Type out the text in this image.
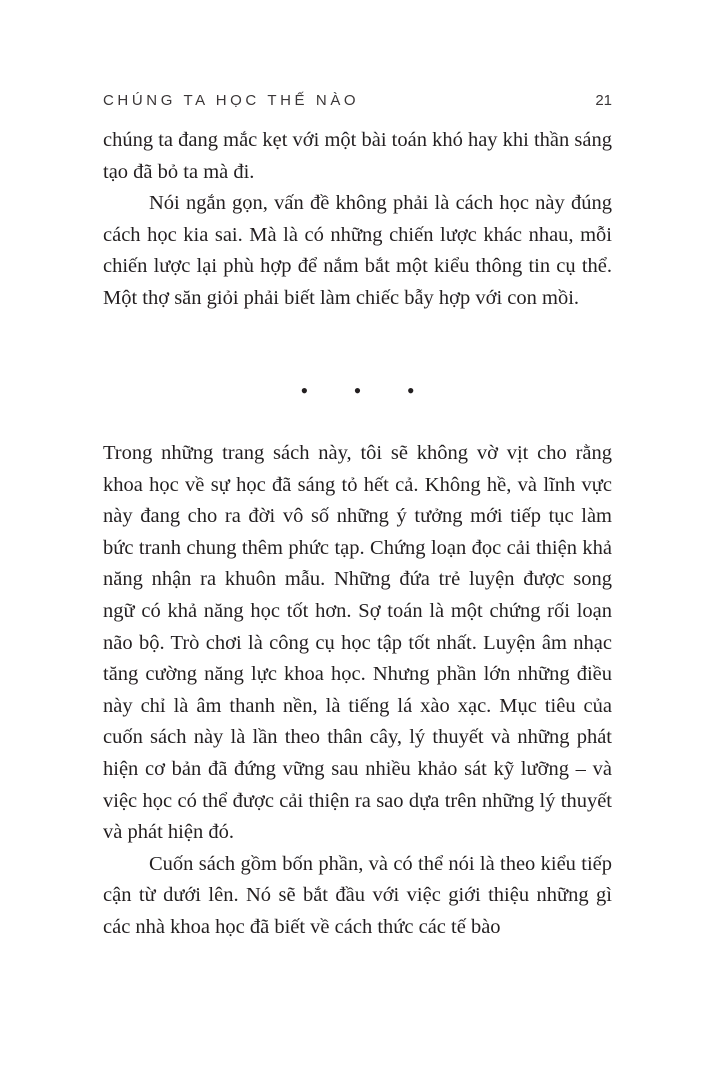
CHÚNG TA HỌC THẾ NÀO	21

chúng ta đang mắc kẹt với một bài toán khó hay khi thần sáng tạo đã bỏ ta mà đi.

Nói ngắn gọn, vấn đề không phải là cách học này đúng cách học kia sai. Mà là có những chiến lược khác nhau, mỗi chiến lược lại phù hợp để nắm bắt một kiểu thông tin cụ thể. Một thợ săn giỏi phải biết làm chiếc bẫy hợp với con mồi.

• • •

Trong những trang sách này, tôi sẽ không vờ vịt cho rằng khoa học về sự học đã sáng tỏ hết cả. Không hề, và lĩnh vực này đang cho ra đời vô số những ý tưởng mới tiếp tục làm bức tranh chung thêm phức tạp. Chứng loạn đọc cải thiện khả năng nhận ra khuôn mẫu. Những đứa trẻ luyện được song ngữ có khả năng học tốt hơn. Sợ toán là một chứng rối loạn não bộ. Trò chơi là công cụ học tập tốt nhất. Luyện âm nhạc tăng cường năng lực khoa học. Nhưng phần lớn những điều này chỉ là âm thanh nền, là tiếng lá xào xạc. Mục tiêu của cuốn sách này là lần theo thân cây, lý thuyết và những phát hiện cơ bản đã đứng vững sau nhiều khảo sát kỹ lưỡng – và việc học có thể được cải thiện ra sao dựa trên những lý thuyết và phát hiện đó.

Cuốn sách gồm bốn phần, và có thể nói là theo kiểu tiếp cận từ dưới lên. Nó sẽ bắt đầu với việc giới thiệu những gì các nhà khoa học đã biết về cách thức các tế bào
